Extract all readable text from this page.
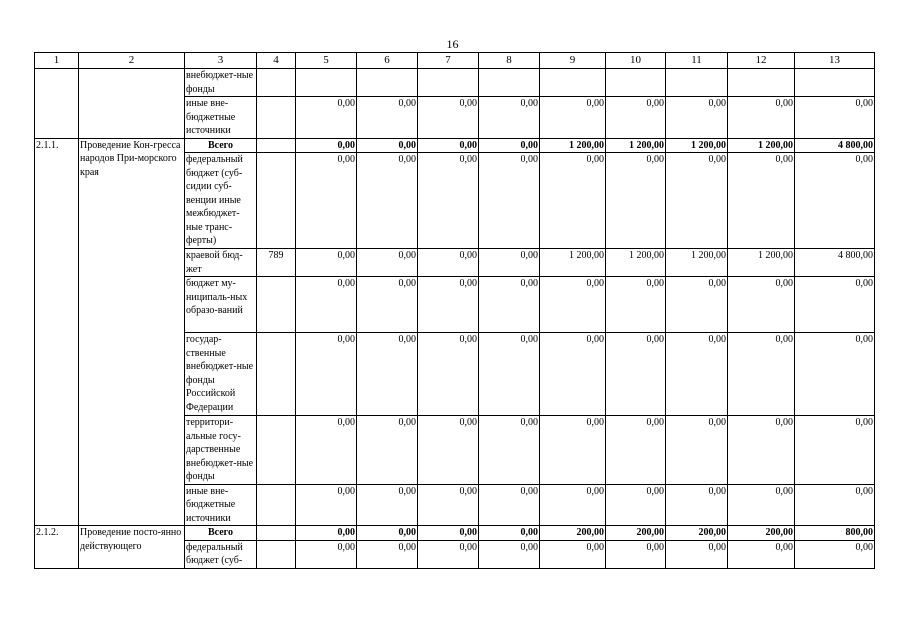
16
1	2	3	4	5	6	7	8	9	10	11	12	13
		внебюджет-ные фонды										
		иные вне-бюджетные источники		0,00	0,00	0,00	0,00	0,00	0,00	0,00	0,00	0,00
2.1.1.	Проведение Кон-гресса народов При-морского края	Всего		0,00	0,00	0,00	0,00	1 200,00	1 200,00	1 200,00	1 200,00	4 800,00
		федеральный бюджет (суб-сидии суб-венции иные межбюджет-ные транс-ферты)		0,00	0,00	0,00	0,00	0,00	0,00	0,00	0,00	0,00
		краевой бюд-жет	789	0,00	0,00	0,00	0,00	1 200,00	1 200,00	1 200,00	1 200,00	4 800,00
		бюджет му-ниципаль-ных образо-ваний		0,00	0,00	0,00	0,00	0,00	0,00	0,00	0,00	0,00
		государ-ственные внебюджет-ные фонды Российской Федерации		0,00	0,00	0,00	0,00	0,00	0,00	0,00	0,00	0,00
		территори-альные госу-дарственные внебюджет-ные фонды		0,00	0,00	0,00	0,00	0,00	0,00	0,00	0,00	0,00
		иные вне-бюджетные источники		0,00	0,00	0,00	0,00	0,00	0,00	0,00	0,00	0,00
2.1.2.	Проведение посто-янно действующего	Всего		0,00	0,00	0,00	0,00	200,00	200,00	200,00	200,00	800,00
		федеральный бюджет (суб-		0,00	0,00	0,00	0,00	0,00	0,00	0,00	0,00	0,00
